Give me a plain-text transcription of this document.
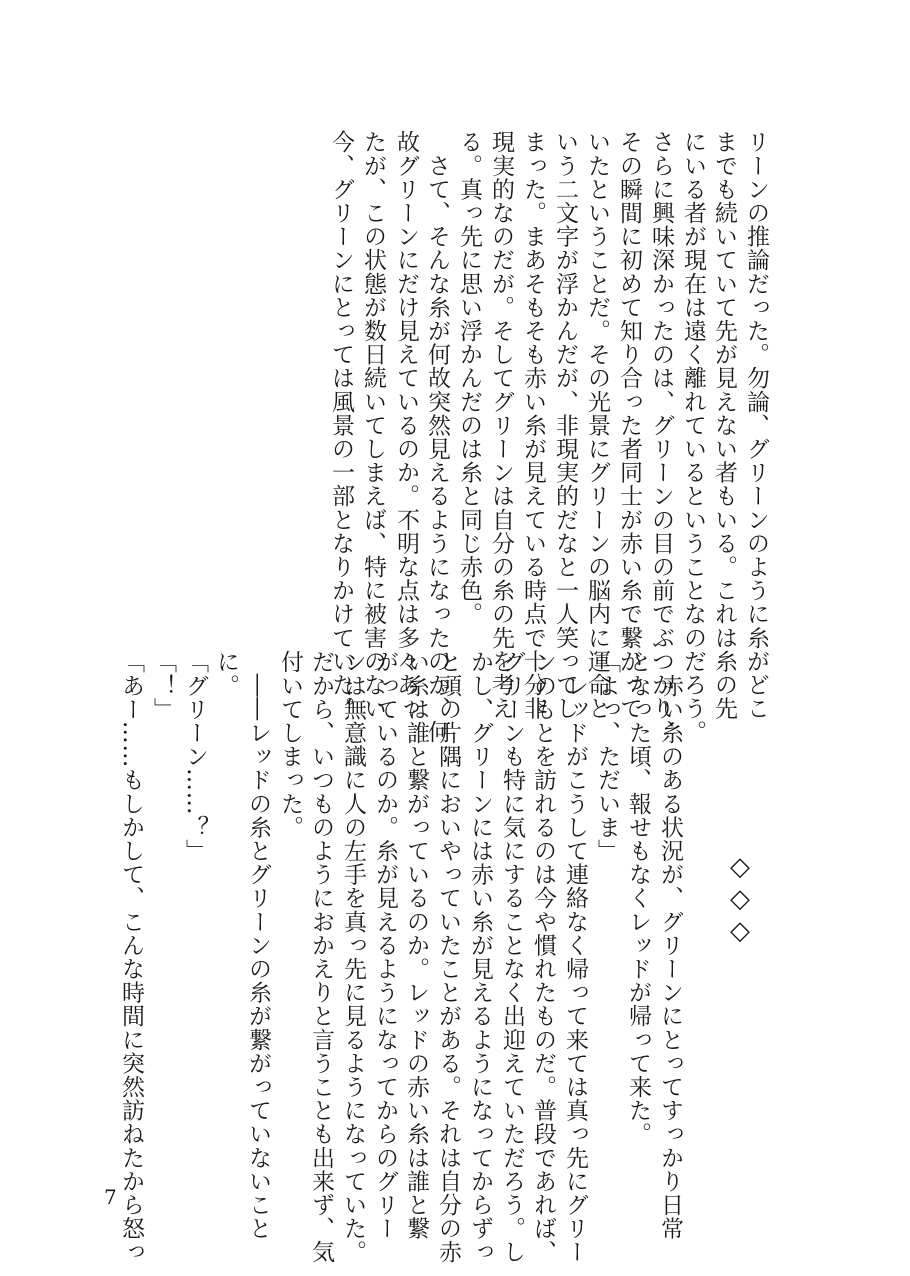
リーンの推論だった。勿論、グリーンのように糸がどこ
までも続いていて先が見えない者もいる。これは糸の先
にいる者が現在は遠く離れているということなのだろう。
さらに興味深かったのは、グリーンの目の前でぶつかり、
その瞬間に初めて知り合った者同士が赤い糸で繋がって
いたということだ。その光景にグリーンの脳内に運命と
いう二文字が浮かんだが、非現実的だなと一人笑ってし
まった。まあそもそも赤い糸が見えている時点で十分非
現実的なのだが。そしてグリーンは自分の糸の先を考え
る。真っ先に思い浮かんだのは糸と同じ赤色。
　さて、そんな糸が何故突然見えるようになったのか、何
故グリーンにだけ見えているのか。不明な点は多々あっ
たが、この状態が数日続いてしまえば、特に被害のない
今、グリーンにとっては風景の一部となりかけていた。
　赤い糸のある状況が、グリーンにとってすっかり日常
となった頃、報せもなくレッドが帰って来た。
「よっ、ただいま」
　レッドがこうして連絡なく帰って来ては真っ先にグリー
ンのもとを訪れるのは今や慣れたものだ。普段であれば、
グリーンも特に気にすることなく出迎えていただろう。し
かし、グリーンには赤い糸が見えるようになってからずっ
と頭の片隅においやっていたことがある。それは自分の赤
い糸は誰と繋がっているのか。レッドの赤い糸は誰と繋
がっているのか。糸が見えるようになってからのグリー
ンは無意識に人の左手を真っ先に見るようになっていた。
だから、いつものようにおかえりと言うことも出来ず、気
付いてしまった。
　――レッドの糸とグリーンの糸が繋がっていないこと
に。
「グリーン……？」
「！」
「あー……もしかして、こんな時間に突然訪ねたから怒っ	◇◇◇
7
